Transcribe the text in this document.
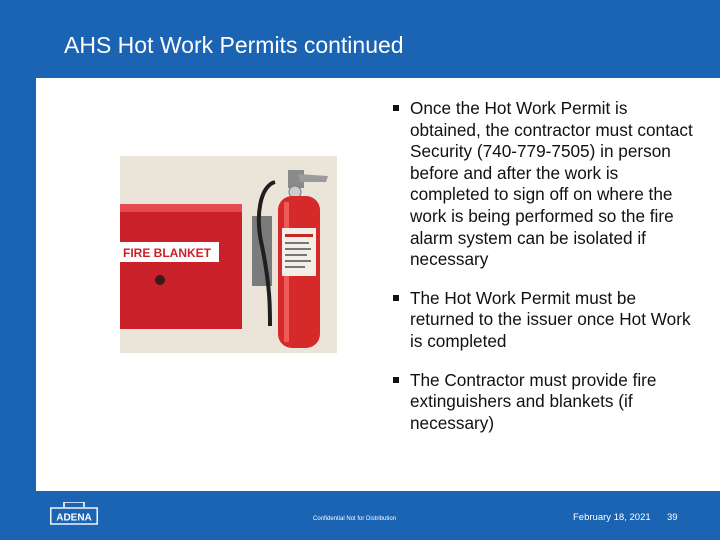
AHS Hot Work Permits continued
FIRE BLANKET
Once the Hot Work Permit is obtained, the contractor must contact Security (740-779-7505) in person before and after the work is completed to sign off on where the work is being performed so the fire alarm system can be isolated if necessary
The Hot Work Permit must be returned to the issuer once Hot Work is completed
The Contractor must provide fire extinguishers and blankets (if necessary)
ADENA	Confidential Not for Distribution	February 18, 2021 39
